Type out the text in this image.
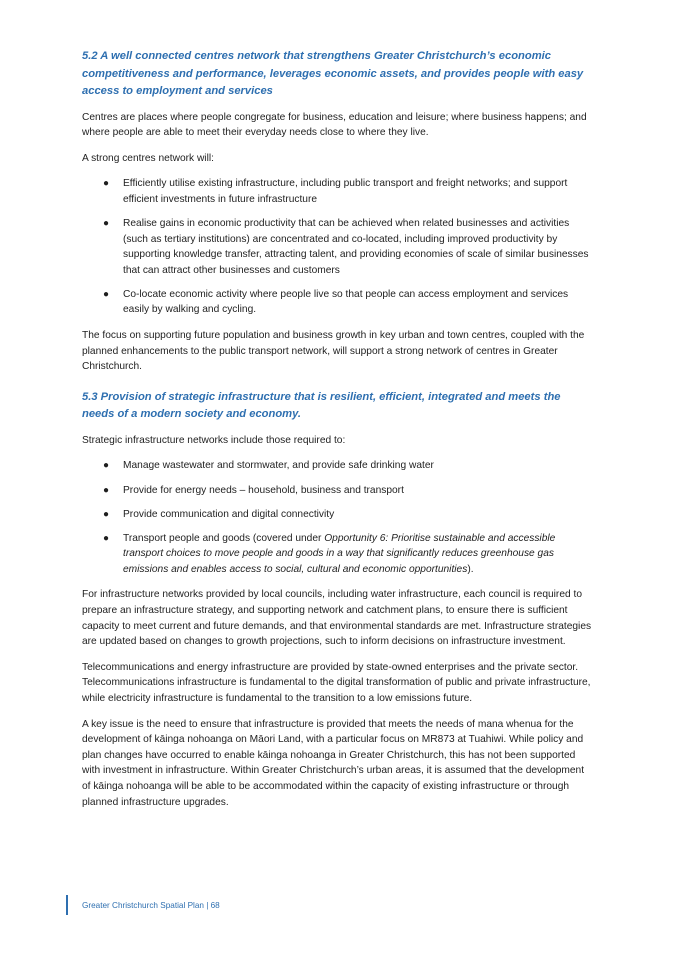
5.2 A well connected centres network that strengthens Greater Christchurch’s economic competitiveness and performance, leverages economic assets, and provides people with easy access to employment and services

Centres are places where people congregate for business, education and leisure; where business happens; and where people are able to meet their everyday needs close to where they live.

A strong centres network will:

● Efficiently utilise existing infrastructure, including public transport and freight networks; and support efficient investments in future infrastructure
● Realise gains in economic productivity that can be achieved when related businesses and activities (such as tertiary institutions) are concentrated and co-located, including improved productivity by supporting knowledge transfer, attracting talent, and providing economies of scale of similar businesses that can attract other businesses and customers
● Co-locate economic activity where people live so that people can access employment and services easily by walking and cycling.

The focus on supporting future population and business growth in key urban and town centres, coupled with the planned enhancements to the public transport network, will support a strong network of centres in Greater Christchurch.

5.3 Provision of strategic infrastructure that is resilient, efficient, integrated and meets the needs of a modern society and economy.

Strategic infrastructure networks include those required to:

● Manage wastewater and stormwater, and provide safe drinking water
● Provide for energy needs – household, business and transport
● Provide communication and digital connectivity
● Transport people and goods (covered under Opportunity 6: Prioritise sustainable and accessible transport choices to move people and goods in a way that significantly reduces greenhouse gas emissions and enables access to social, cultural and economic opportunities).

For infrastructure networks provided by local councils, including water infrastructure, each council is required to prepare an infrastructure strategy, and supporting network and catchment plans, to ensure there is sufficient capacity to meet current and future demands, and that environmental standards are met. Infrastructure strategies are updated based on changes to growth projections, such to inform decisions on infrastructure investment.

Telecommunications and energy infrastructure are provided by state-owned enterprises and the private sector. Telecommunications infrastructure is fundamental to the digital transformation of public and private infrastructure, while electricity infrastructure is fundamental to the transition to a low emissions future.

A key issue is the need to ensure that infrastructure is provided that meets the needs of mana whenua for the development of kāinga nohoanga on Māori Land, with a particular focus on MR873 at Tuahiwi. While policy and plan changes have occurred to enable kāinga nohoanga in Greater Christchurch, this has not been supported with investment in infrastructure. Within Greater Christchurch’s urban areas, it is assumed that the development of kāinga nohoanga will be able to be accommodated within the capacity of existing infrastructure or through planned infrastructure upgrades.

Greater Christchurch Spatial Plan | 68
